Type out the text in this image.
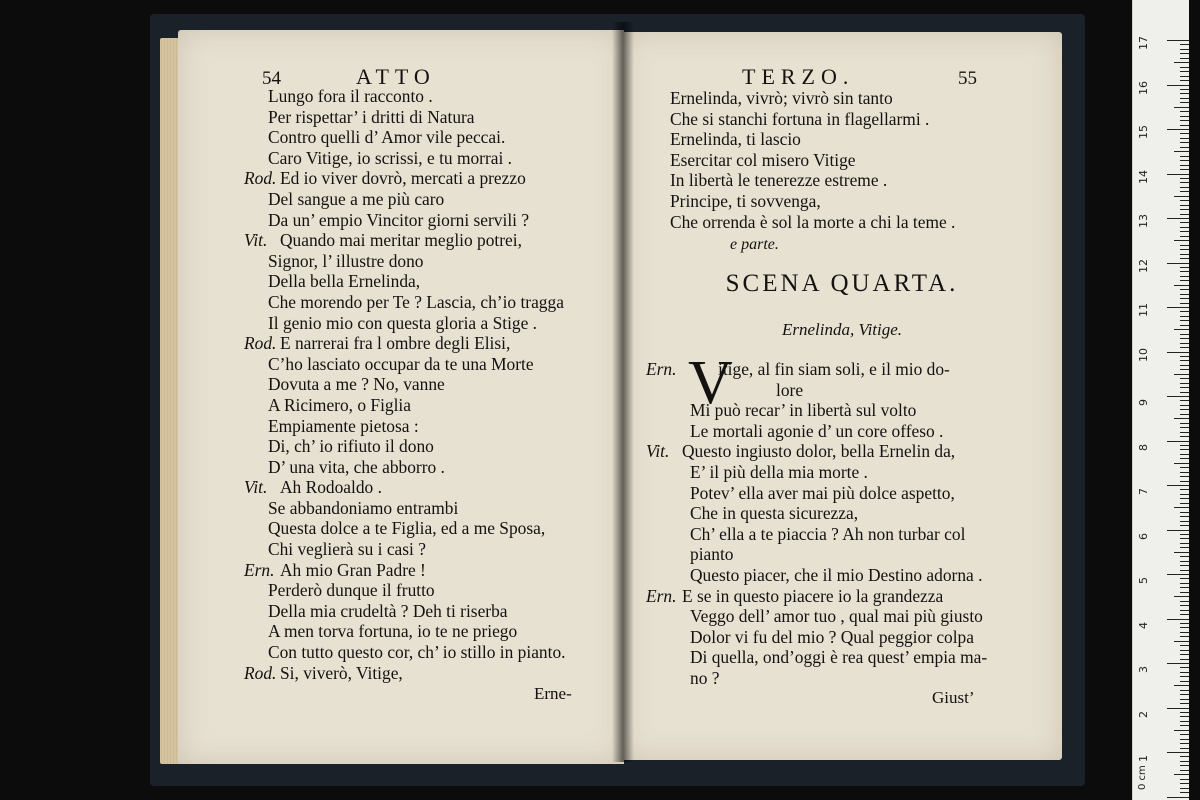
54	ATTO
Lungo fora il racconto .
Per rispettar’ i dritti di Natura
Contro quelli d’ Amor vile peccai.
Caro Vitige, io scrissi, e tu morrai .
Rod. Ed io viver dovrò, mercati a prezzo
Del sangue a me più caro
Da un’ empio Vincitor giorni servili ?
Vit. Quando mai meritar meglio potrei,
Signor, l’ illustre dono
Della bella Ernelinda,
Che morendo per Te ? Lascia, ch’io tragga
Il genio mio con questa gloria a Stige .
Rod. E narrerai fra l ombre degli Elisi,
C’ho lasciato occupar da te una Morte
Dovuta a me ? No, vanne
A Ricimero, o Figlia
Empiamente pietosa :
Di, ch’ io rifiuto il dono
D’ una vita, che abborro .
Vit. Ah Rodoaldo .
Se abbandoniamo entrambi
Questa dolce a te Figlia, ed a me Sposa,
Chi veglierà su i casi ?
Ern. Ah mio Gran Padre !
Perderò dunque il frutto
Della mia crudeltà ? Deh ti riserba
A men torva fortuna, io te ne priego
Con tutto questo cor, ch’ io stillo in pianto.
Rod. Si, viverò, Vitige,
Erne-
TERZO.	55
Ernelinda, vivrò; vivrò sin tanto
Che si stanchi fortuna in flagellarmi .
Ernelinda, ti lascio
Esercitar col misero Vitige
In libertà le tenerezze estreme .
Principe, ti sovvenga,
Che orrenda è sol la morte a chi la teme .
e parte.
SCENA QUARTA.
Ernelinda, Vitige.
V
Ern. itige, al fin siam soli, e il mio do-
lore
Mi può recar’ in libertà sul volto
Le mortali agonie d’ un core offeso .
Vit. Questo ingiusto dolor, bella Ernelin da,
E’ il più della mia morte .
Potev’ ella aver mai più dolce aspetto,
Che in questa sicurezza,
Ch’ ella a te piaccia ? Ah non turbar col
pianto
Questo piacer, che il mio Destino adorna .
Ern. E se in questo piacere io la grandezza
Veggo dell’ amor tuo , qual mai più giusto
Dolor vi fu del mio ? Qual peggior colpa
Di quella, ond’oggi è rea quest’ empia ma-
no ?
Giust’
0 cm
17
16
15
14
13
12
11
10
9
8
7
6
5
4
3
2
1
